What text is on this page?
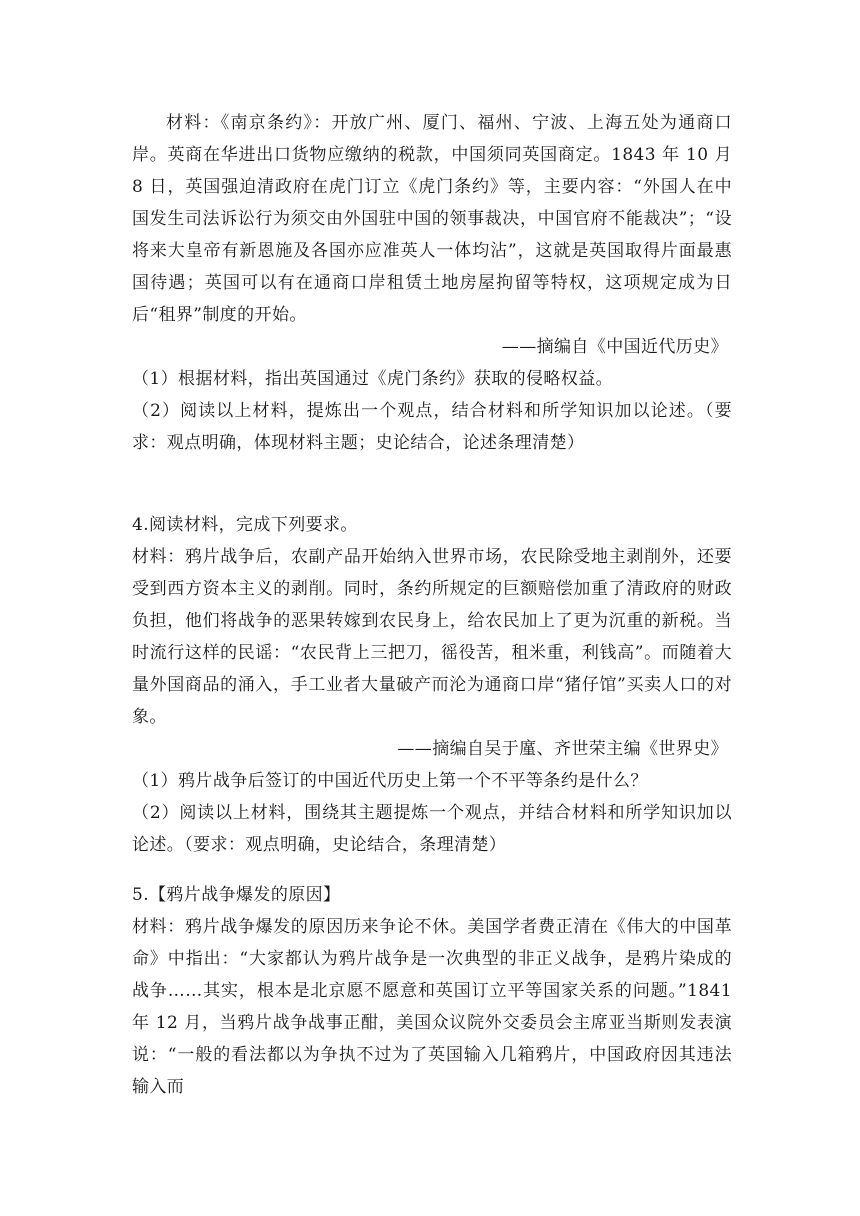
材料：《南京条约》：开放广州、厦门、福州、宁波、上海五处为通商口岸。英商在华进出口货物应缴纳的税款，中国须同英国商定。1843 年 10 月 8 日，英国强迫清政府在虎门订立《虎门条约》等，主要内容：“外国人在中国发生司法诉讼行为须交由外国驻中国的领事裁决，中国官府不能裁决”；“设将来大皇帝有新恩施及各国亦应准英人一体均沾”，这就是英国取得片面最惠国待遇；英国可以有在通商口岸租赁土地房屋拘留等特权，这项规定成为日后“租界”制度的开始。

——摘编自《中国近代历史》

（1）根据材料，指出英国通过《虎门条约》获取的侵略权益。

（2）阅读以上材料，提炼出一个观点，结合材料和所学知识加以论述。（要求：观点明确，体现材料主题；史论结合，论述条理清楚）

4.阅读材料，完成下列要求。

材料：鸦片战争后，农副产品开始纳入世界市场，农民除受地主剥削外，还要受到西方资本主义的剥削。同时，条约所规定的巨额赔偿加重了清政府的财政负担，他们将战争的恶果转嫁到农民身上，给农民加上了更为沉重的新税。当时流行这样的民谣：“农民背上三把刀，徭役苦，租米重，利钱高”。而随着大量外国商品的涌入，手工业者大量破产而沦为通商口岸“猪仔馆”买卖人口的对象。

——摘编自吴于廑、齐世荣主编《世界史》

（1）鸦片战争后签订的中国近代历史上第一个不平等条约是什么？

（2）阅读以上材料，围绕其主题提炼一个观点，并结合材料和所学知识加以论述。（要求：观点明确，史论结合，条理清楚）

5.【鸦片战争爆发的原因】

材料：鸦片战争爆发的原因历来争论不休。美国学者费正清在《伟大的中国革命》中指出：“大家都认为鸦片战争是一次典型的非正义战争，是鸦片染成的战争……其实，根本是北京愿不愿意和英国订立平等国家关系的问题。”1841 年 12 月，当鸦片战争战事正酣，美国众议院外交委员会主席亚当斯则发表演说：“一般的看法都以为争执不过为了英国输入几箱鸦片，中国政府因其违法输入而
